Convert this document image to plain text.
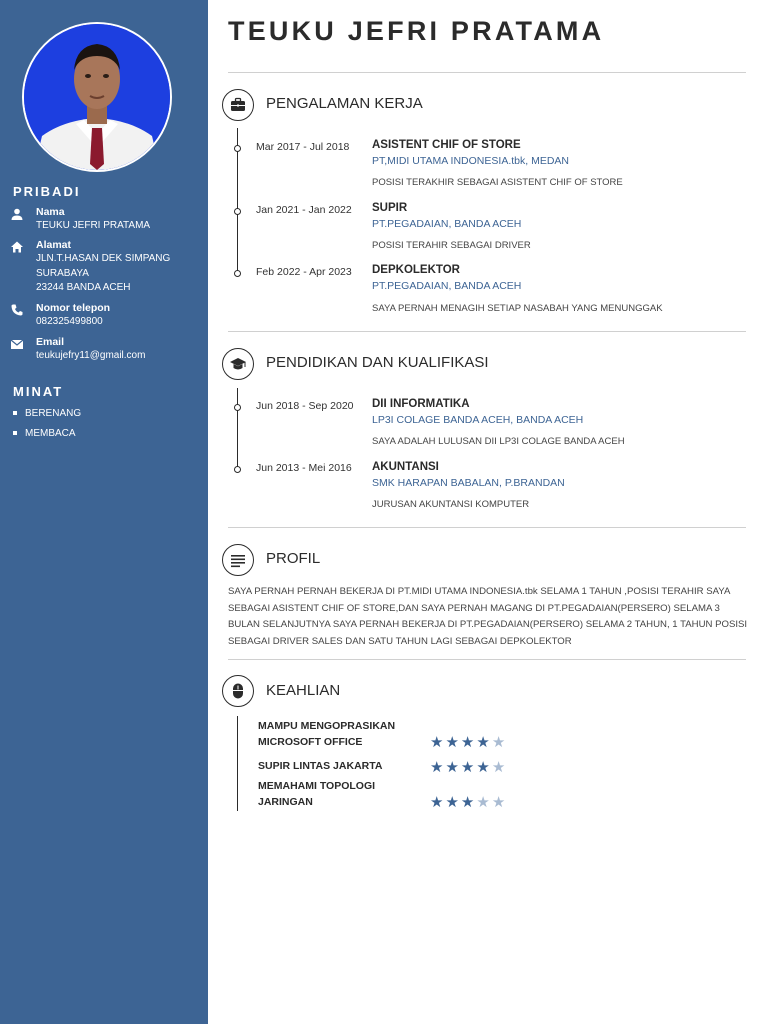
PRIBADI
Nama
TEUKU JEFRI PRATAMA
Alamat
JLN.T.HASAN DEK SIMPANG
SURABAYA
23244 BANDA ACEH
Nomor telepon
082325499800
Email
teukujefry11@gmail.com
MINAT
BERENANG
MEMBACA
TEUKU JEFRI PRATAMA
PENGALAMAN KERJA
Mar 2017 - Jul 2018 ASISTENT CHIF OF STORE
PT,MIDI UTAMA INDONESIA.tbk, MEDAN
POSISI TERAKHIR SEBAGAI ASISTENT CHIF OF STORE
Jan 2021 - Jan 2022 SUPIR
PT.PEGADAIAN, BANDA ACEH
POSISI TERAHIR SEBAGAI DRIVER
Feb 2022 - Apr 2023 DEPKOLEKTOR
PT.PEGADAIAN, BANDA ACEH
SAYA PERNAH MENAGIH SETIAP NASABAH YANG MENUNGGAK
PENDIDIKAN DAN KUALIFIKASI
Jun 2018 - Sep 2020 DII INFORMATIKA
LP3I COLAGE BANDA ACEH, BANDA ACEH
SAYA ADALAH LULUSAN DII LP3I COLAGE BANDA ACEH
Jun 2013 - Mei 2016 AKUNTANSI
SMK HARAPAN BABALAN, P.BRANDAN
JURUSAN AKUNTANSI KOMPUTER
PROFIL
SAYA PERNAH PERNAH BEKERJA DI PT.MIDI UTAMA INDONESIA.tbk SELAMA 1 TAHUN ,POSISI TERAHIR SAYA SEBAGAI ASISTENT CHIF OF STORE,DAN SAYA PERNAH MAGANG DI PT.PEGADAIAN(PERSERO) SELAMA 3 BULAN SELANJUTNYA SAYA PERNAH BEKERJA DI PT.PEGADAIAN(PERSERO) SELAMA 2 TAHUN, 1 TAHUN POSISI SEBAGAI DRIVER SALES DAN SATU TAHUN LAGI SEBAGAI DEPKOLEKTOR
KEAHLIAN
MAMPU MENGOPRASIKAN MICROSOFT OFFICE	★★★★★
SUPIR LINTAS JAKARTA	★★★★★
MEMAHAMI TOPOLOGI JARINGAN	★★★★★
